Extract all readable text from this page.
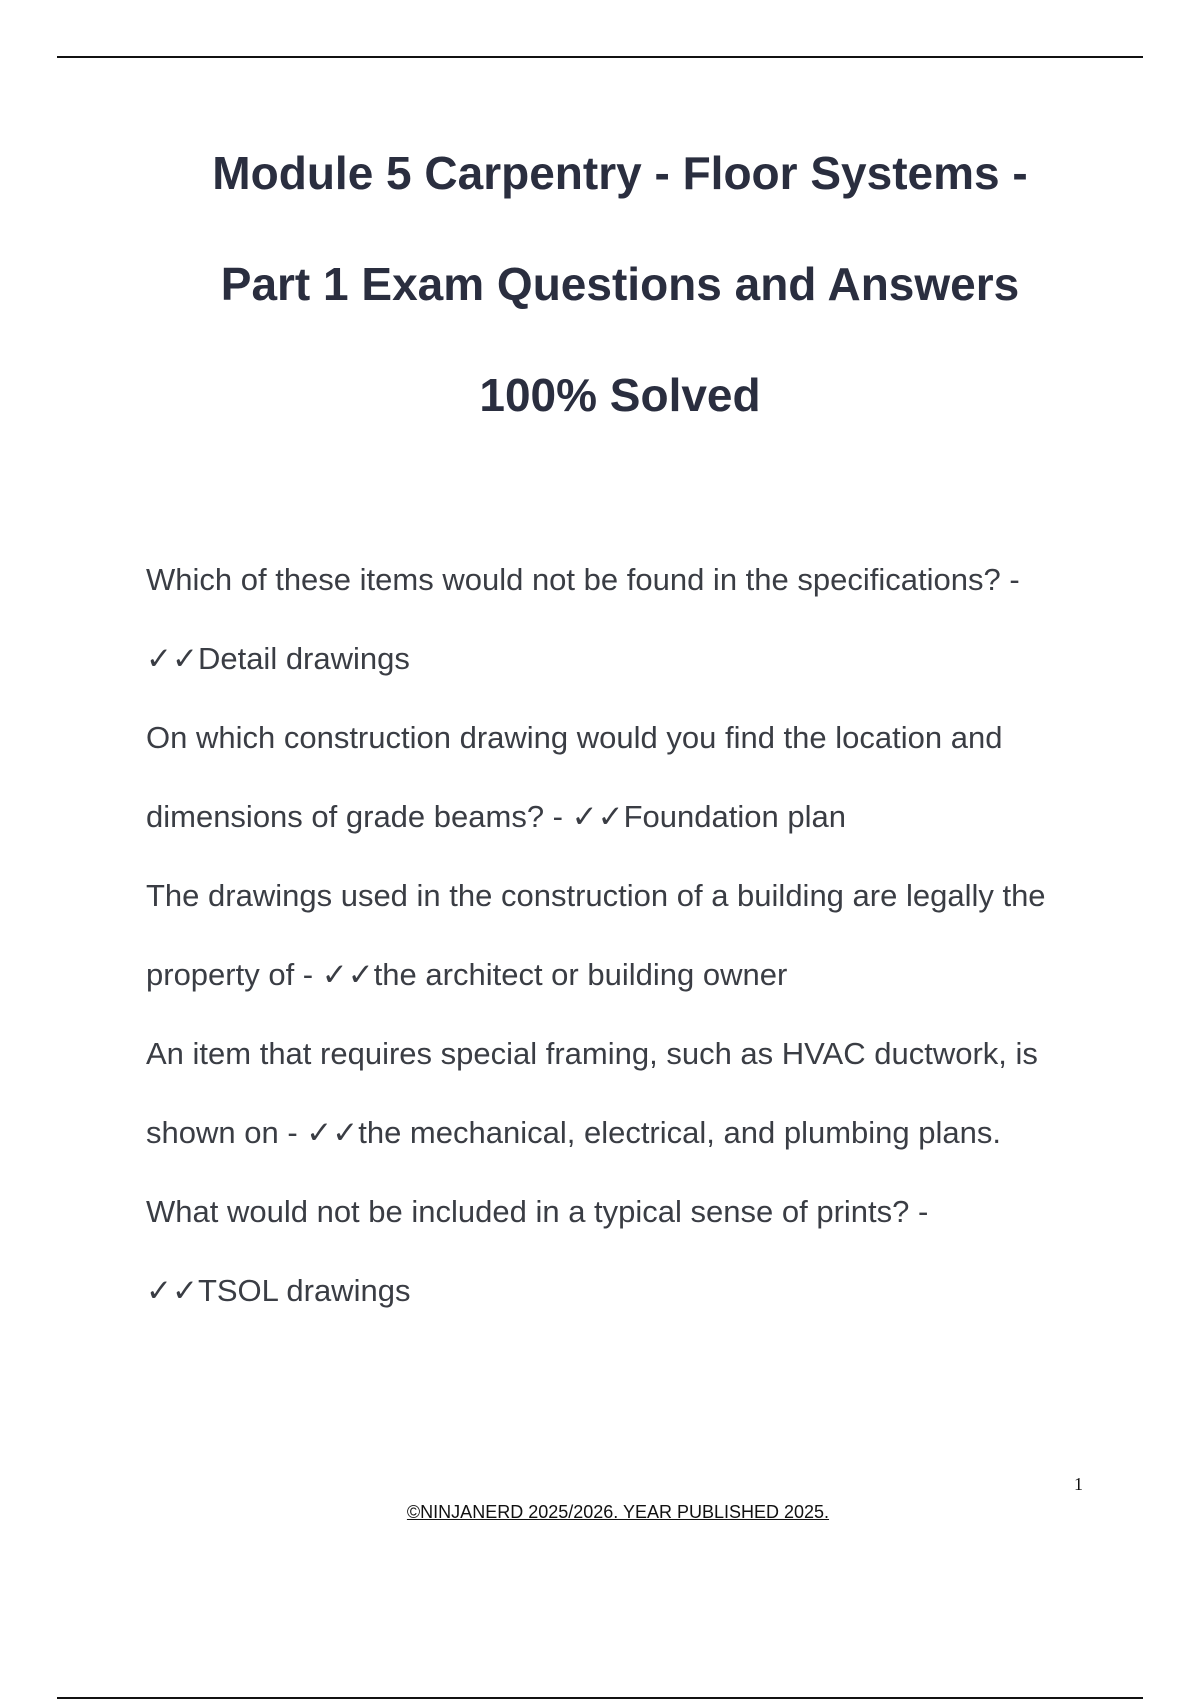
Module 5 Carpentry - Floor Systems -
Part 1 Exam Questions and Answers
100% Solved
Which of these items would not be found in the specifications? -
✓✓Detail drawings
On which construction drawing would you find the location and dimensions of grade beams? - ✓✓Foundation plan
The drawings used in the construction of a building are legally the property of - ✓✓the architect or building owner
An item that requires special framing, such as HVAC ductwork, is shown on - ✓✓the mechanical, electrical, and plumbing plans.
What would not be included in a typical sense of prints? -
✓✓TSOL drawings
1
©NINJANERD 2025/2026. YEAR PUBLISHED 2025.
